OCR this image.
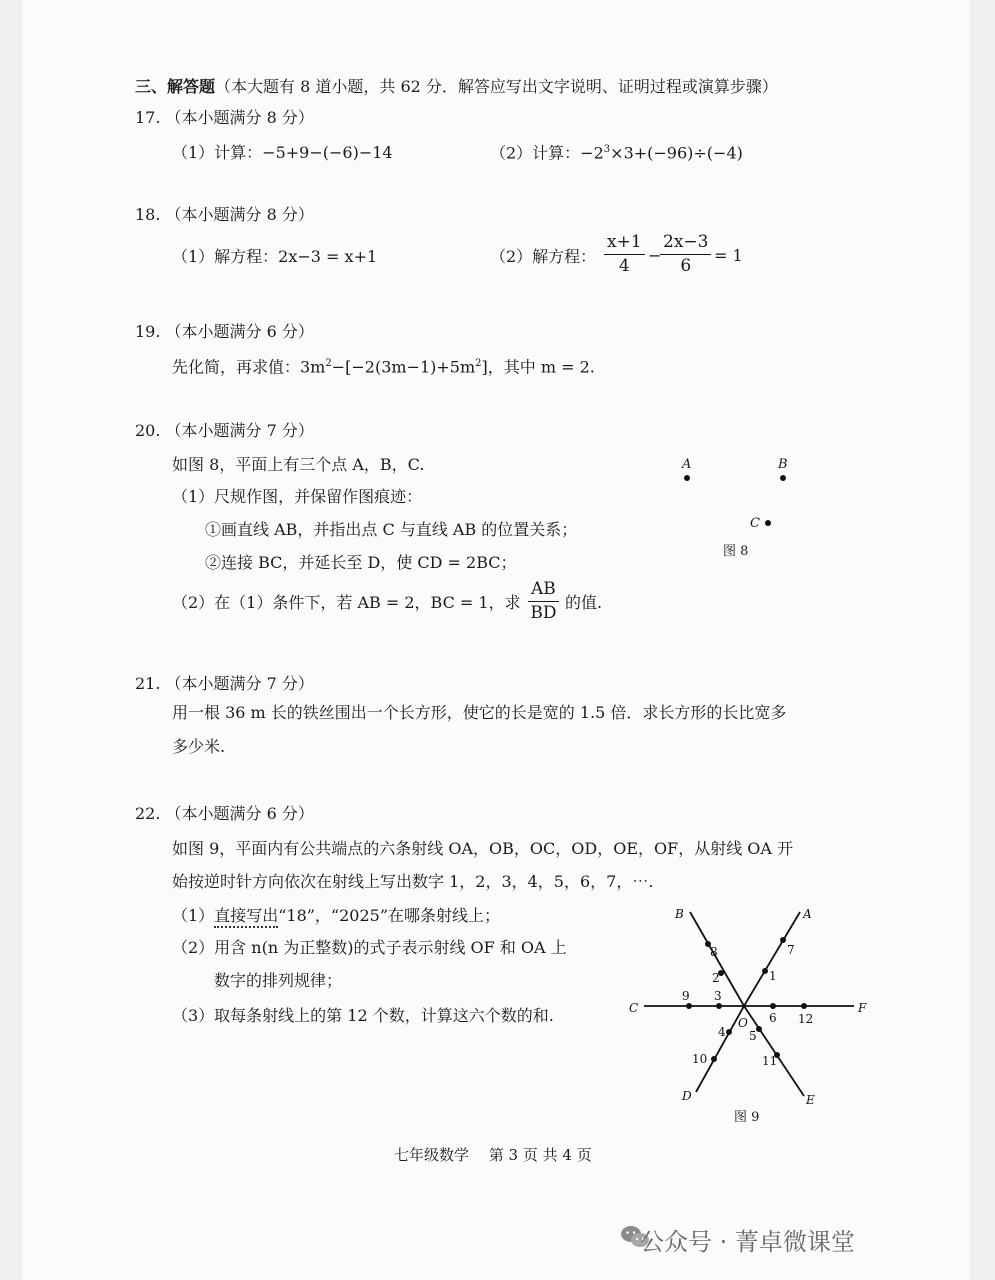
三、解答题（本大题有 8 道小题，共 62 分．解答应写出文字说明、证明过程或演算步骤）
17. （本小题满分 8 分）
（1）计算：−5+9−(−6)−14	（2）计算：$-2^3\times 3+(-96)\div(-4)$
18. （本小题满分 8 分）
（1）解方程：2x−3 = x+1	（2）解方程： $\frac{x+1}{4}$ −
$\frac{2x-3}{6} = 1$
19. （本小题满分 6 分）
先化简，再求值：$3m^2-[-2(3m-1)+5m^2]$，其中 m = 2.
20. （本小题满分 7 分）
如图 8，平面上有三个点 A，B，C.
（1）尺规作图，并保留作图痕迹：
①画直线 AB，并指出点 C 与直线 AB 的位置关系；
②连接 BC，并延长至 D，使 CD = 2BC；
（2）在（1）条件下，若 AB = 2，BC = 1，求 $\frac{AB}{BD}$ 的值.
A	B
C
图 8
21. （本小题满分 7 分）
用一根 36 m 长的铁丝围出一个长方形，使它的长是宽的 1.5 倍．求长方形的长比宽多
多少米.
22. （本小题满分 6 分）
如图 9，平面内有公共端点的六条射线 OA，OB，OC，OD，OE，OF，从射线 OA 开
始按逆时针方向依次在射线上写出数字 1，2，3，4，5，6，7，⋯.
（1）直接写出“18”，“2025”在哪条射线上；
（2）用含 n(n 为正整数)的式子表示射线 OF 和 OA 上
数字的排列规律；
（3）取每条射线上的第 12 个数，计算这六个数的和.
A
B
C
D	E
F
O
1
2
3
4 5
6
7
8
9
10	11
12
图 9
七年级数学　 第 3 页 共 4 页
公众号 · 菁卓微课堂
